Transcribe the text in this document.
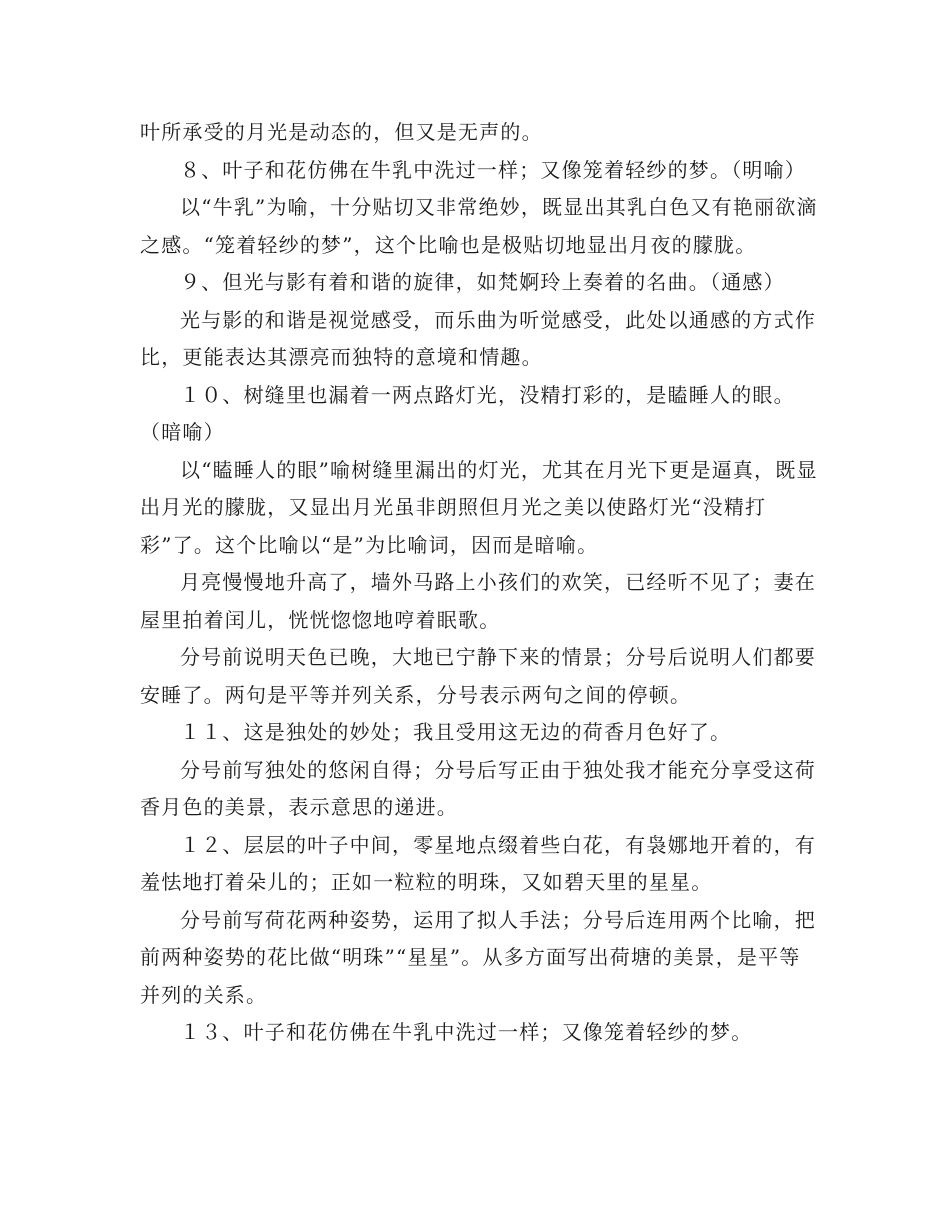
叶所承受的月光是动态的，但又是无声的。

８、叶子和花仿佛在牛乳中洗过一样；又像笼着轻纱的梦。（明喻）

以“牛乳”为喻，十分贴切又非常绝妙，既显出其乳白色又有艳丽欲滴之感。“笼着轻纱的梦”，这个比喻也是极贴切地显出月夜的朦胧。

９、但光与影有着和谐的旋律，如梵婀玲上奏着的名曲。（通感）

光与影的和谐是视觉感受，而乐曲为听觉感受，此处以通感的方式作比，更能表达其漂亮而独特的意境和情趣。

１０、树缝里也漏着一两点路灯光，没精打彩的，是瞌睡人的眼。（暗喻）

以“瞌睡人的眼”喻树缝里漏出的灯光，尤其在月光下更是逼真，既显出月光的朦胧，又显出月光虽非朗照但月光之美以使路灯光“没精打彩”了。这个比喻以“是”为比喻词，因而是暗喻。

月亮慢慢地升高了，墙外马路上小孩们的欢笑，已经听不见了；妻在屋里拍着闰儿，恍恍惚惚地哼着眠歌。

分号前说明天色已晚，大地已宁静下来的情景；分号后说明人们都要安睡了。两句是平等并列关系，分号表示两句之间的停顿。

１１、这是独处的妙处；我且受用这无边的荷香月色好了。

分号前写独处的悠闲自得；分号后写正由于独处我才能充分享受这荷香月色的美景，表示意思的递进。

１２、层层的叶子中间，零星地点缀着些白花，有袅娜地开着的，有羞怯地打着朵儿的；正如一粒粒的明珠，又如碧天里的星星。

分号前写荷花两种姿势，运用了拟人手法；分号后连用两个比喻，把前两种姿势的花比做“明珠”“星星”。从多方面写出荷塘的美景，是平等并列的关系。

１３、叶子和花仿佛在牛乳中洗过一样；又像笼着轻纱的梦。
